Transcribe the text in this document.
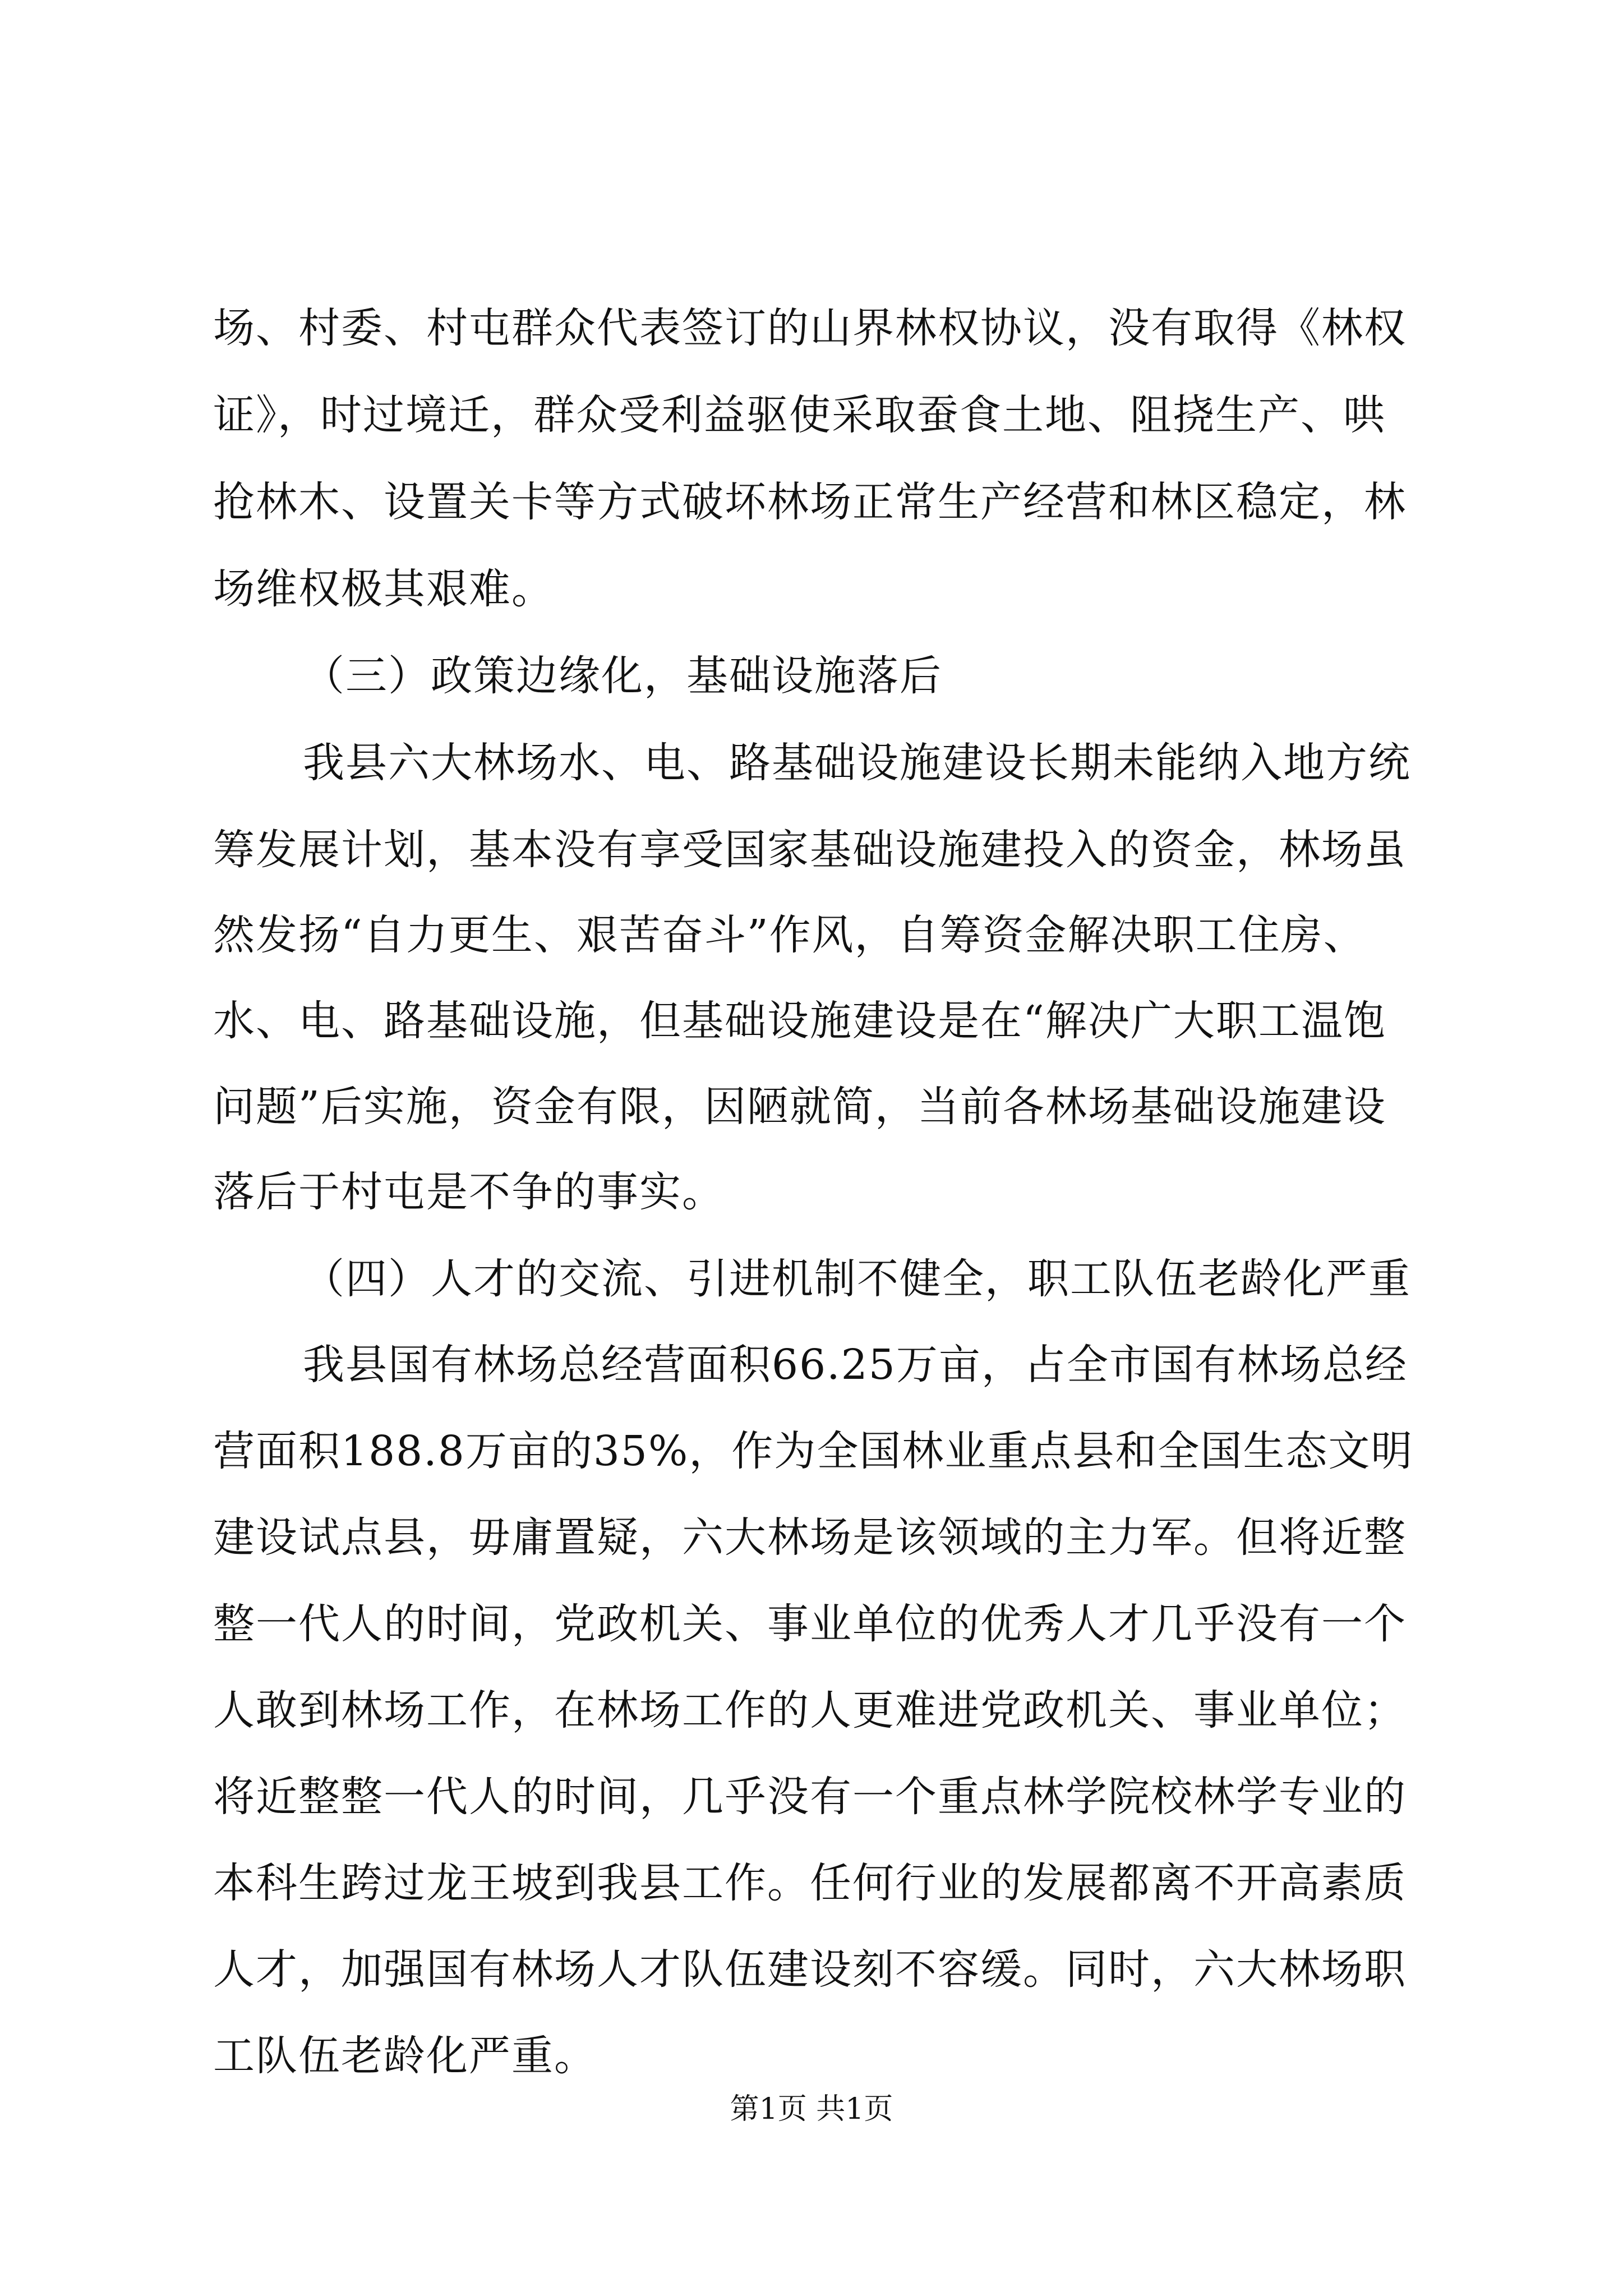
场、村委、村屯群众代表签订的山界林权协议，没有取得《林权
证》，时过境迁，群众受利益驱使采取蚕食土地、阻挠生产、哄
抢林木、设置关卡等方式破坏林场正常生产经营和林区稳定，林
场维权极其艰难。
（三）政策边缘化，基础设施落后
我县六大林场水、电、路基础设施建设长期未能纳入地方统
筹发展计划，基本没有享受国家基础设施建投入的资金，林场虽
然发扬“自力更生、艰苦奋斗”作风，自筹资金解决职工住房、
水、电、路基础设施，但基础设施建设是在“解决广大职工温饱
问题”后实施，资金有限，因陋就简，当前各林场基础设施建设
落后于村屯是不争的事实。
（四）人才的交流、引进机制不健全，职工队伍老龄化严重
我县国有林场总经营面积66.25万亩，占全市国有林场总经
营面积188.8万亩的35%，作为全国林业重点县和全国生态文明
建设试点县，毋庸置疑，六大林场是该领域的主力军。但将近整
整一代人的时间，党政机关、事业单位的优秀人才几乎没有一个
人敢到林场工作，在林场工作的人更难进党政机关、事业单位；
将近整整一代人的时间，几乎没有一个重点林学院校林学专业的
本科生跨过龙王坡到我县工作。任何行业的发展都离不开高素质
人才，加强国有林场人才队伍建设刻不容缓。同时，六大林场职
工队伍老龄化严重。
第1页 共1页
